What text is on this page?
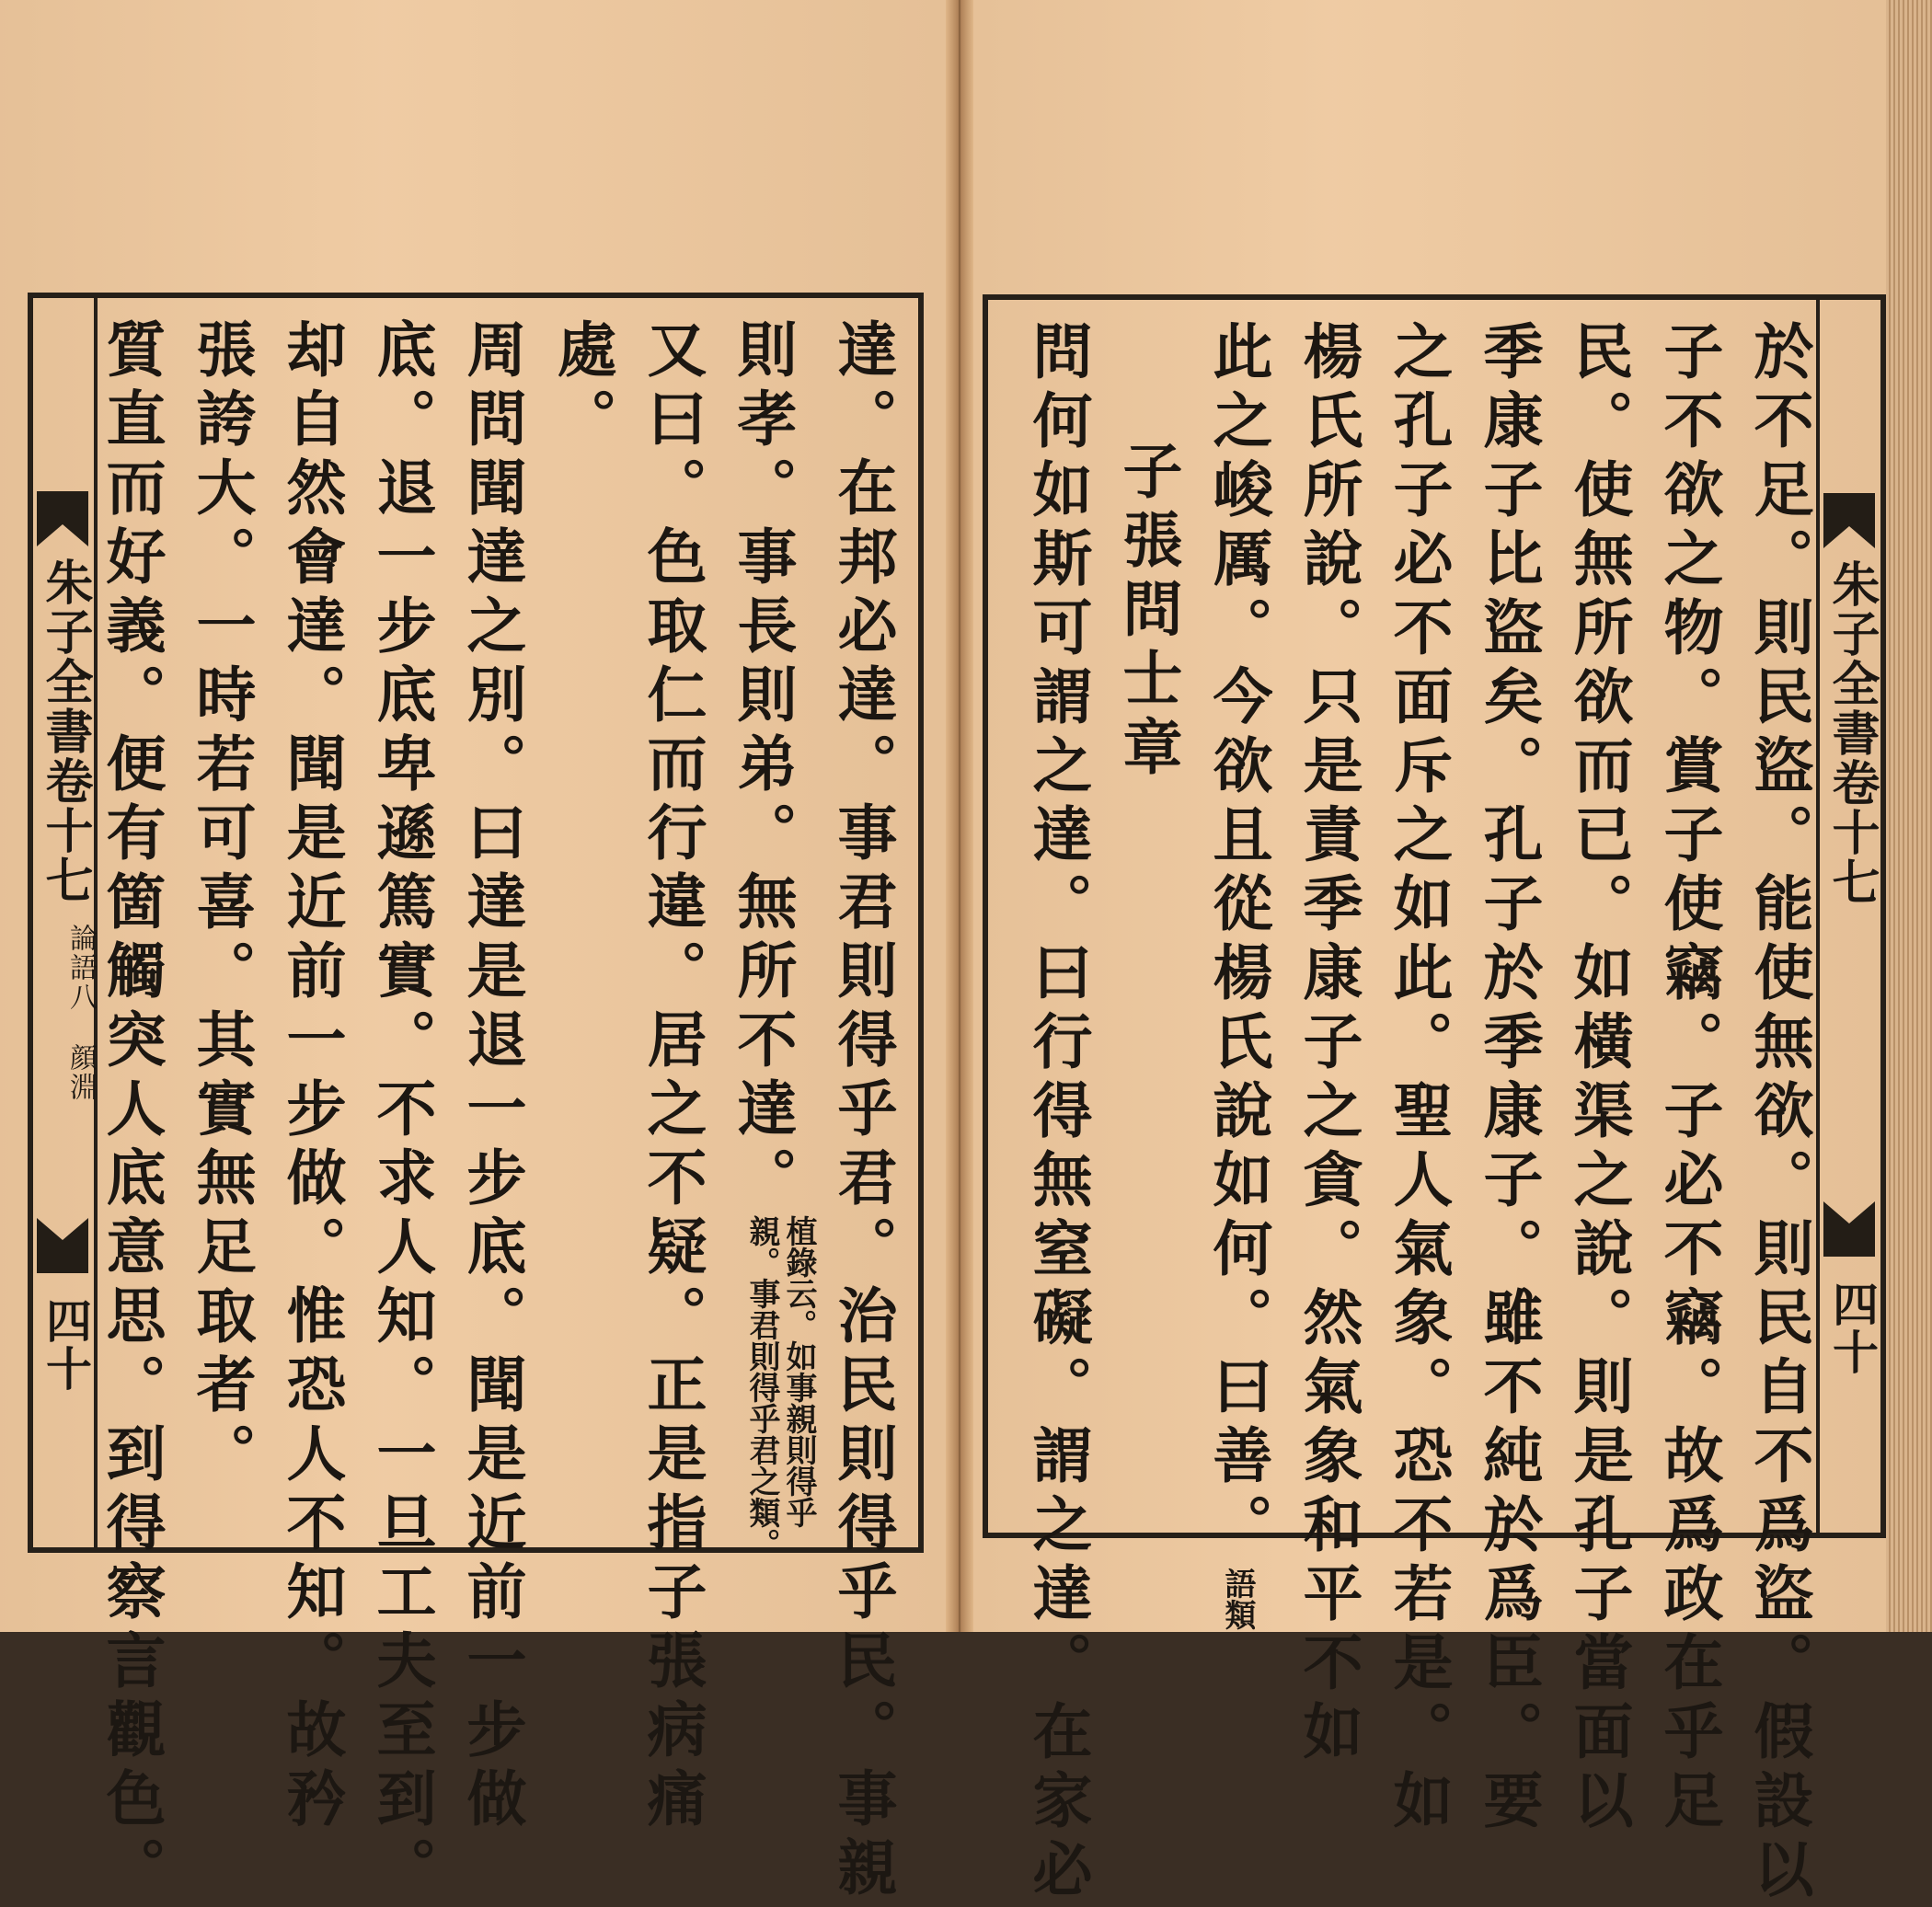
朱子全書卷十七
論語八
顔淵
四十	達。在邦必達。事君則得乎君。治民則得乎民。事親
則孝。事長則弟。無所不達。
植錄云。如事親則得乎
親。事君則得乎君之類。
又曰。色取仁而行違。居之不疑。正是指子張病痛
處。
周問聞達之別。曰達是退一步底。聞是近前一步做
底。退一步底卑遜篤實。不求人知。一旦工夫至到。
却自然會達。聞是近前一步做。惟恐人不知。故矜
張誇大。一時若可喜。其實無足取者。
質直而好義。便有箇觸突人底意思。到得察言觀色。	於不足。則民盜。能使無欲。則民自不爲盜。假設以
子不欲之物。賞子使竊。子必不竊。故爲政在乎足
民。使無所欲而已。如橫渠之說。則是孔子當面以
季康子比盜矣。孔子於季康子。雖不純於爲臣。要
之孔子必不面斥之如此。聖人氣象。恐不若是。如
楊氏所說。只是責季康子之貪。然氣象和平不如
此之峻厲。今欲且從楊氏說如何。曰善。語類
子張問士章
問何如斯可謂之達。曰行得無窒礙。謂之達。在家必	朱子全書卷十七
四十
